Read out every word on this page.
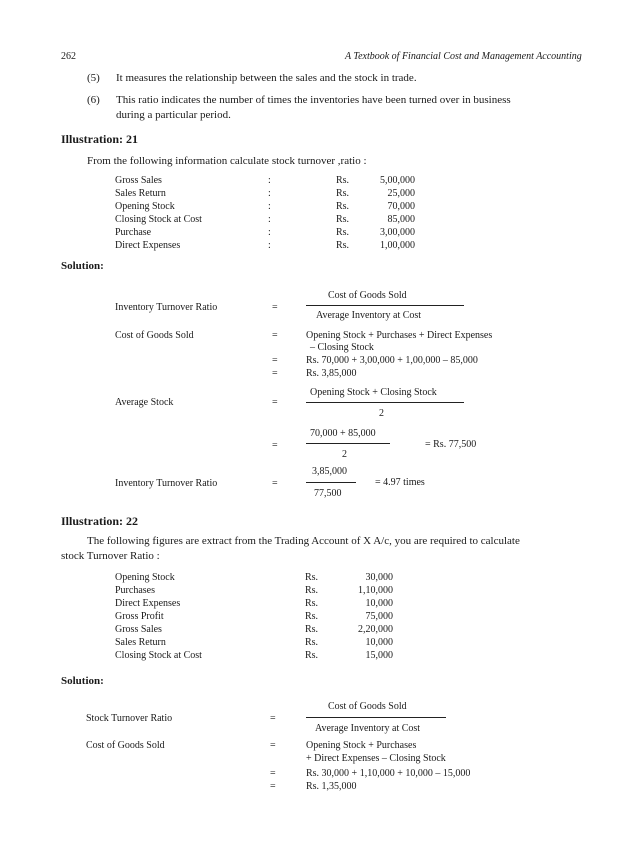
262	A Textbook of Financial Cost and Management Accounting
(5) It measures the relationship between the sales and the stock in trade.
(6) This ratio indicates the number of times the inventories have been turned over in business
during a particular period.
Illustration: 21
From the following information calculate stock turnover ,ratio :
Gross Sales	:	Rs.	5,00,000
Sales Return	:	Rs.	25,000
Opening Stock	:	Rs.	70,000
Closing Stock at Cost	:	Rs.	85,000
Purchase	:	Rs.	3,00,000
Direct Expenses	:	Rs.	1,00,000
Solution:
Inventory Turnover Ratio	=
Cost of Goods Sold
Average Inventory at Cost
Cost of Goods Sold	=	Opening Stock + Purchases + Direct Expenses
– Closing Stock
=	Rs. 70,000 + 3,00,000 + 1,00,000 – 85,000
=	Rs. 3,85,000
Average Stock	=
Opening Stock + Closing Stock
2
=
70,000 + 85,000
2
= Rs. 77,500
Inventory Turnover Ratio	=
3,85,000
77,500
= 4.97 times
Illustration: 22
The following figures are extract from the Trading Account of X A/c, you are required to calculate
stock Turnover Ratio :
Opening Stock	Rs.	30,000
Purchases	Rs.	1,10,000
Direct Expenses	Rs.	10,000
Gross Profit	Rs.	75,000
Gross Sales	Rs.	2,20,000
Sales Return	Rs.	10,000
Closing Stock at Cost	Rs.	15,000
Solution:
Stock Turnover Ratio	=
Cost of Goods Sold
Average Inventory at Cost
Cost of Goods Sold	=	Opening Stock + Purchases
+ Direct Expenses – Closing Stock
=	Rs. 30,000 + 1,10,000 + 10,000 – 15,000
=	Rs. 1,35,000
